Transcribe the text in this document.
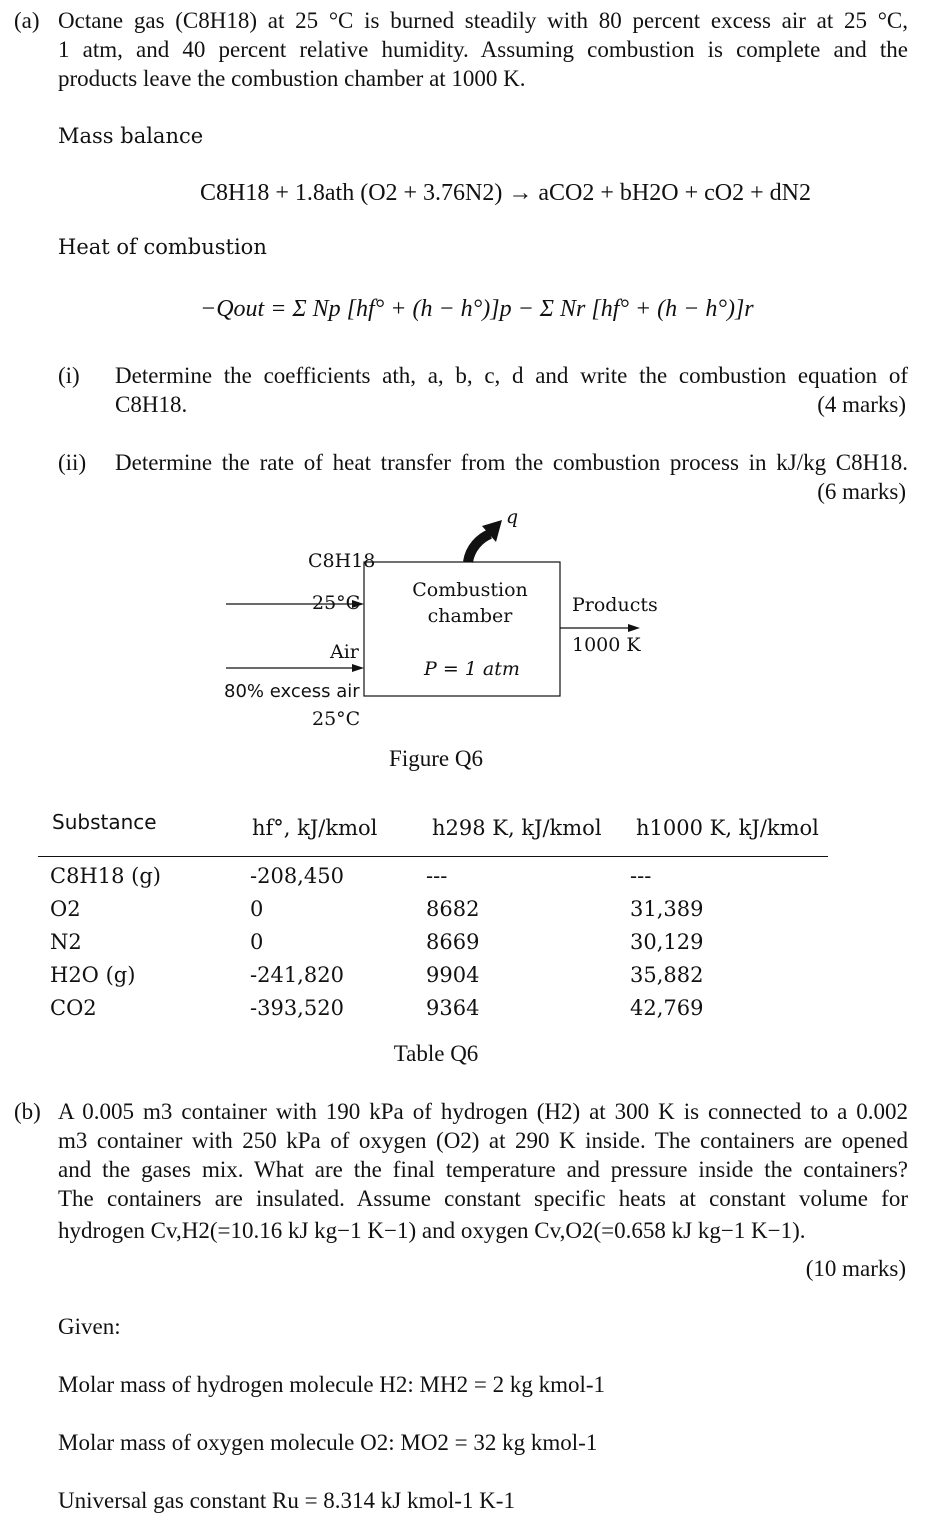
(a) Octane gas (C8H18) at 25 °C is burned steadily with 80 percent excess air at 25 °C,
1 atm, and 40 percent relative humidity. Assuming combustion is complete and the
products leave the combustion chamber at 1000 K.
Mass balance
C8H18 + 1.8ath (O2 + 3.76N2) → aCO2 + bH2O + cO2 + dN2
Heat of combustion
−Qout = Σ Np [hf° + (h − h°)]p − Σ Nr [hf° + (h − h°)]r
(i) Determine the coefficients ath, a, b, c, d and write the combustion equation of
C8H18.	(4 marks)
(ii) Determine the rate of heat transfer from the combustion process in kJ/kg C8H18.
(6 marks)
C8H18
25°C
Air
80% excess air
25°C
Combustion
chamber
P = 1 atm
q
Products
1000 K
Figure Q6
Substance	hf°, kJ/kmol	h298 K, kJ/kmol h1000 K, kJ/kmol
C8H18 (g)	-208,450	---	---
O2	0	8682	31,389
N2	0	8669	30,129
H2O (g)	-241,820	9904	35,882
CO2	-393,520	9364	42,769
Table Q6
(b) A 0.005 m3 container with 190 kPa of hydrogen (H2) at 300 K is connected to a 0.002
m3 container with 250 kPa of oxygen (O2) at 290 K inside. The containers are opened
and the gases mix. What are the final temperature and pressure inside the containers?
The containers are insulated. Assume constant specific heats at constant volume for
hydrogen Cv,H2(=10.16 kJ kg−1 K−1) and oxygen Cv,O2(=0.658 kJ kg−1 K−1).
(10 marks)
Given:
Molar mass of hydrogen molecule H2: MH2 = 2 kg kmol-1
Molar mass of oxygen molecule O2: MO2 = 32 kg kmol-1
Universal gas constant Ru = 8.314 kJ kmol-1 K-1
